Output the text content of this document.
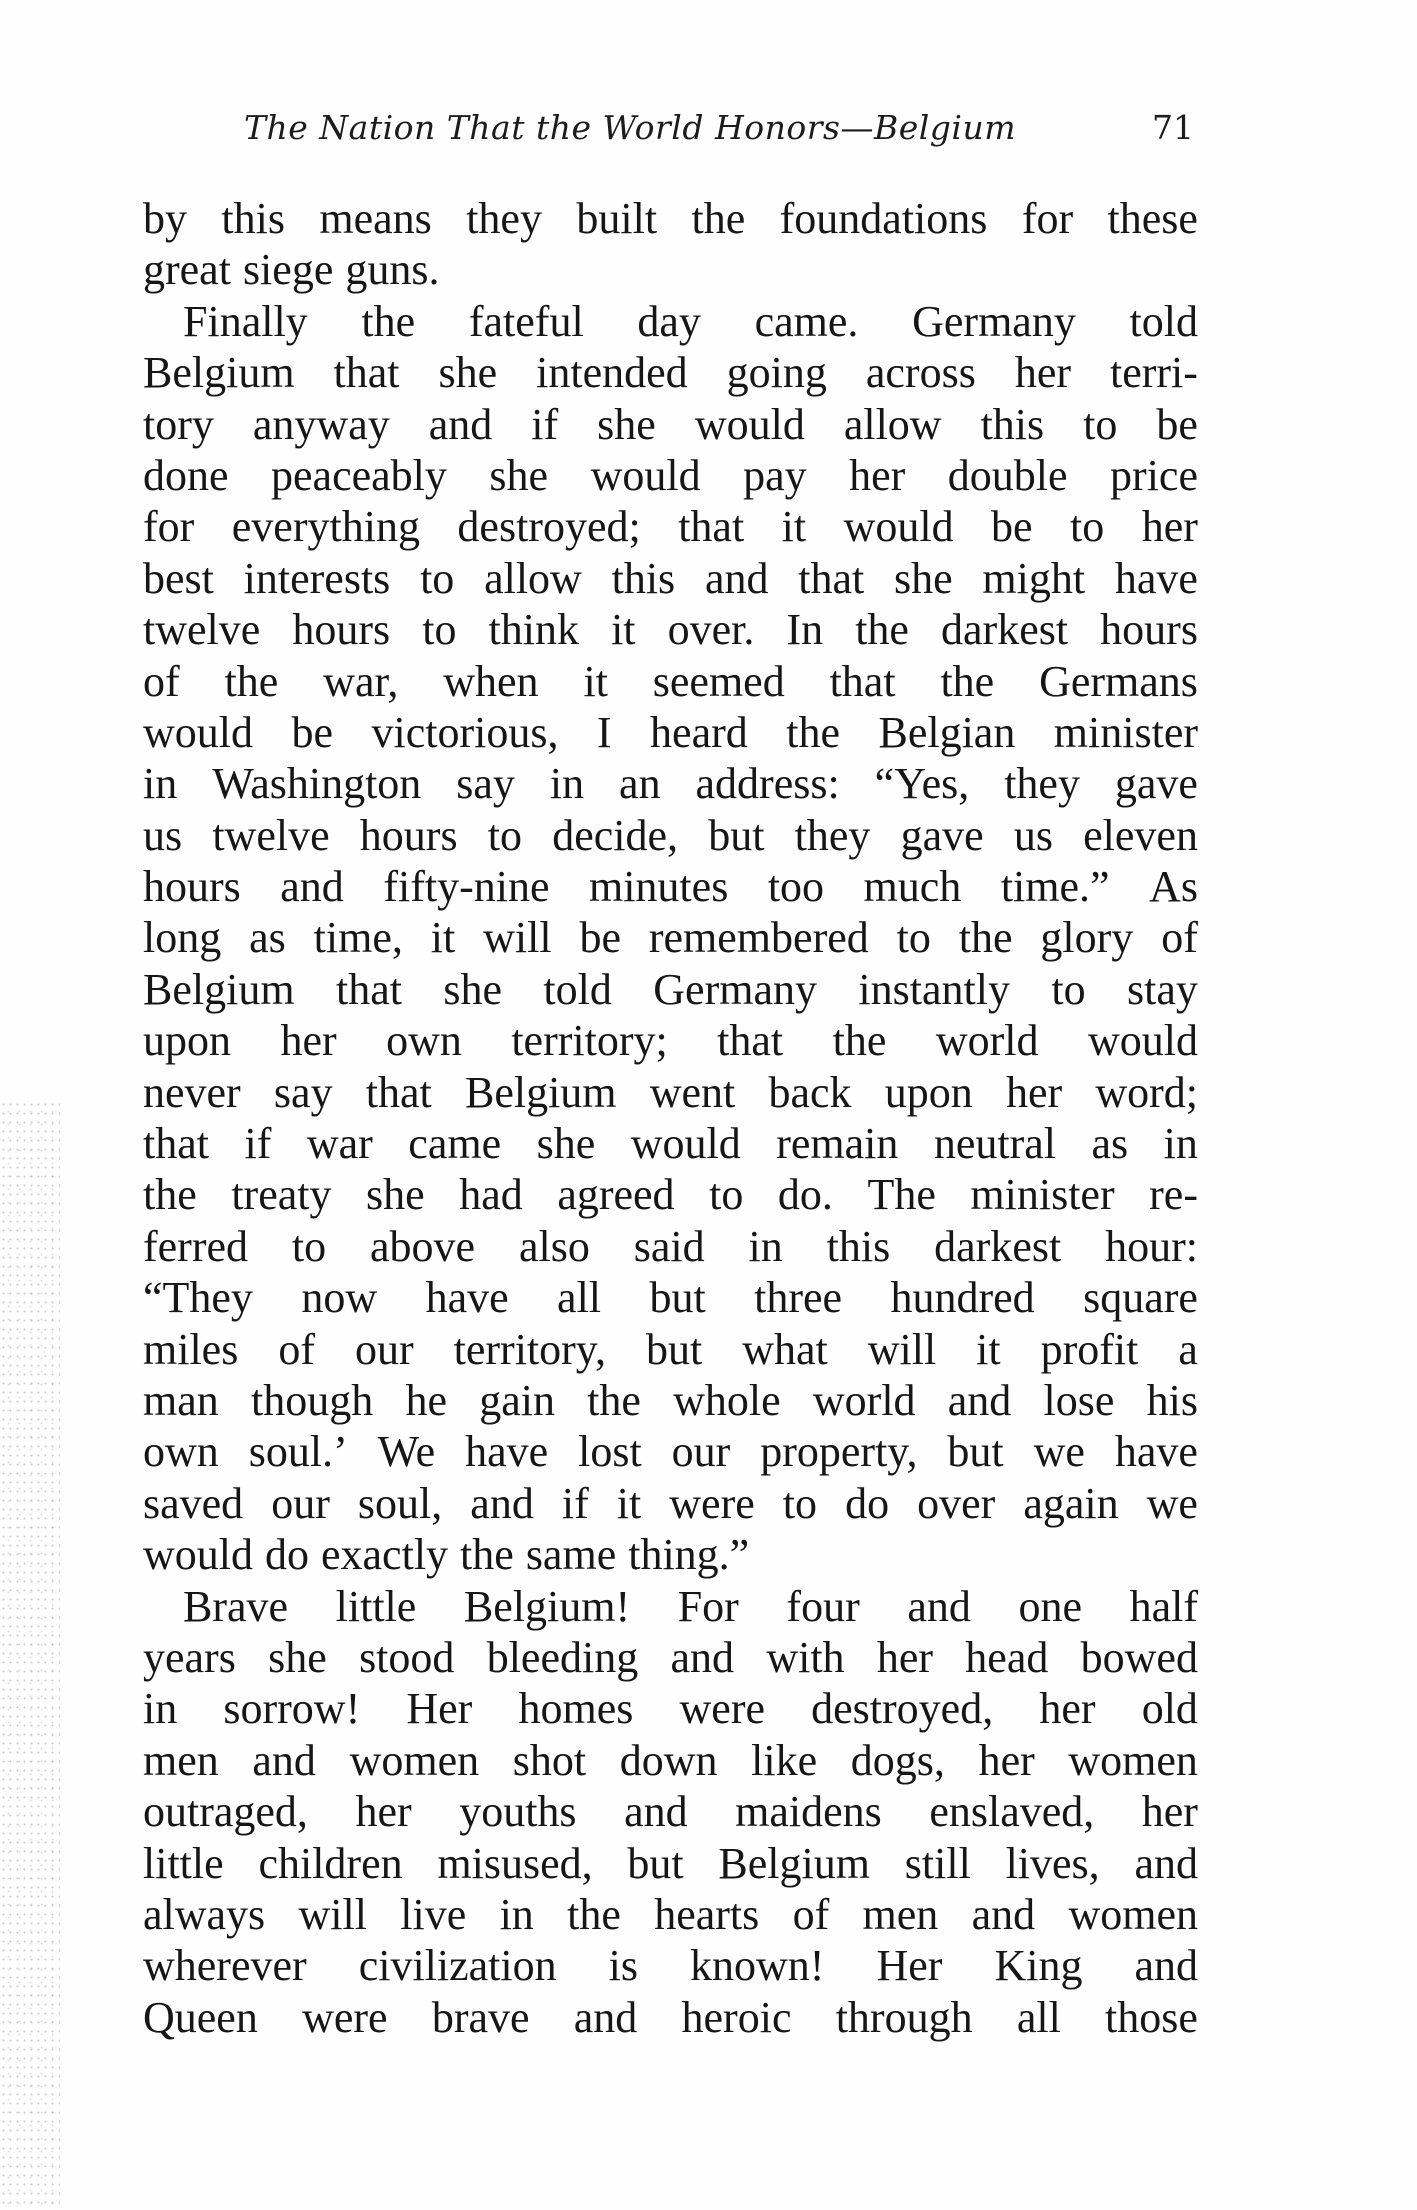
The Nation That the World Honors—Belgium	71
by this means they built the foundations for these
great siege guns.
Finally the fateful day came. Germany told
Belgium that she intended going across her terri-
tory anyway and if she would allow this to be
done peaceably she would pay her double price
for everything destroyed; that it would be to her
best interests to allow this and that she might have
twelve hours to think it over. In the darkest hours
of the war, when it seemed that the Germans
would be victorious, I heard the Belgian minister
in Washington say in an address: “Yes, they gave
us twelve hours to decide, but they gave us eleven
hours and fifty-nine minutes too much time.” As
long as time, it will be remembered to the glory of
Belgium that she told Germany instantly to stay
upon her own territory; that the world would
never say that Belgium went back upon her word;
that if war came she would remain neutral as in
the treaty she had agreed to do. The minister re-
ferred to above also said in this darkest hour:
“They now have all but three hundred square
miles of our territory, but what will it profit a
man though he gain the whole world and lose his
own soul.’ We have lost our property, but we have
saved our soul, and if it were to do over again we
would do exactly the same thing.”
Brave little Belgium! For four and one half
years she stood bleeding and with her head bowed
in sorrow! Her homes were destroyed, her old
men and women shot down like dogs, her women
outraged, her youths and maidens enslaved, her
little children misused, but Belgium still lives, and
always will live in the hearts of men and women
wherever civilization is known! Her King and
Queen were brave and heroic through all those
